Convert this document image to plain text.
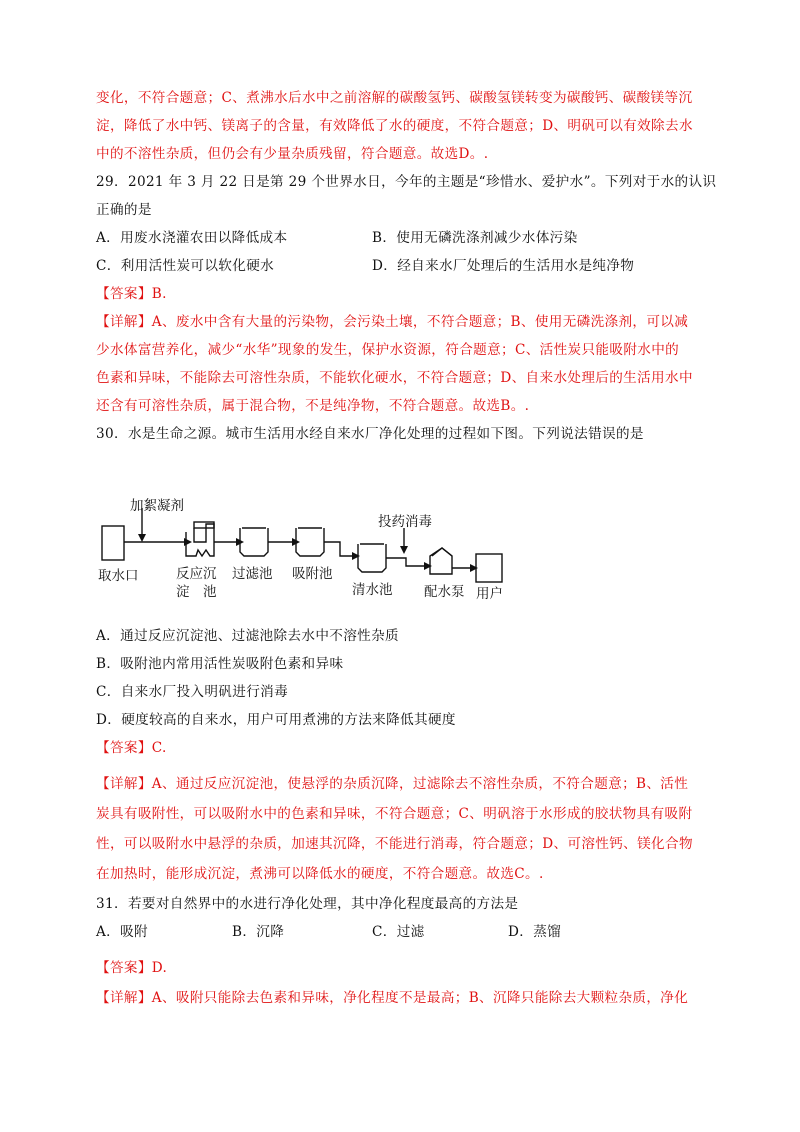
变化，不符合题意；C、煮沸水后水中之前溶解的碳酸氢钙、碳酸氢镁转变为碳酸钙、碳酸镁等沉
淀，降低了水中钙、镁离子的含量，有效降低了水的硬度，不符合题意；D、明矾可以有效除去水
中的不溶性杂质，但仍会有少量杂质残留，符合题意。故选D。.
29．2021 年 3 月 22 日是第 29 个世界水日，今年的主题是“珍惜水、爱护水”。下列对于水的认识
正确的是
A．用废水浇灌农田以降低成本	B．使用无磷洗涤剂减少水体污染
C．利用活性炭可以软化硬水	D．经自来水厂处理后的生活用水是纯净物
【答案】B.
【详解】A、废水中含有大量的污染物，会污染土壤，不符合题意；B、使用无磷洗涤剂，可以减
少水体富营养化，减少“水华”现象的发生，保护水资源，符合题意；C、活性炭只能吸附水中的
色素和异味，不能除去可溶性杂质，不能软化硬水，不符合题意；D、自来水处理后的生活用水中
还含有可溶性杂质，属于混合物，不是纯净物，不符合题意。故选B。.
30．水是生命之源。城市生活用水经自来水厂净化处理的过程如下图。下列说法错误的是
加絮凝剂
取水口	反应沉
淀　池
过滤池 吸附池
清水池
投药消毒
配水泵 用户
A．通过反应沉淀池、过滤池除去水中不溶性杂质
B．吸附池内常用活性炭吸附色素和异味
C．自来水厂投入明矾进行消毒
D．硬度较高的自来水，用户可用煮沸的方法来降低其硬度
【答案】C.
【详解】A、通过反应沉淀池，使悬浮的杂质沉降，过滤除去不溶性杂质，不符合题意；B、活性
炭具有吸附性，可以吸附水中的色素和异味，不符合题意；C、明矾溶于水形成的胶状物具有吸附
性，可以吸附水中悬浮的杂质，加速其沉降，不能进行消毒，符合题意；D、可溶性钙、镁化合物
在加热时，能形成沉淀，煮沸可以降低水的硬度，不符合题意。故选C。.
31．若要对自然界中的水进行净化处理，其中净化程度最高的方法是
A．吸附	B．沉降	C．过滤	D．蒸馏
【答案】D.
【详解】A、吸附只能除去色素和异味，净化程度不是最高；B、沉降只能除去大颗粒杂质，净化
